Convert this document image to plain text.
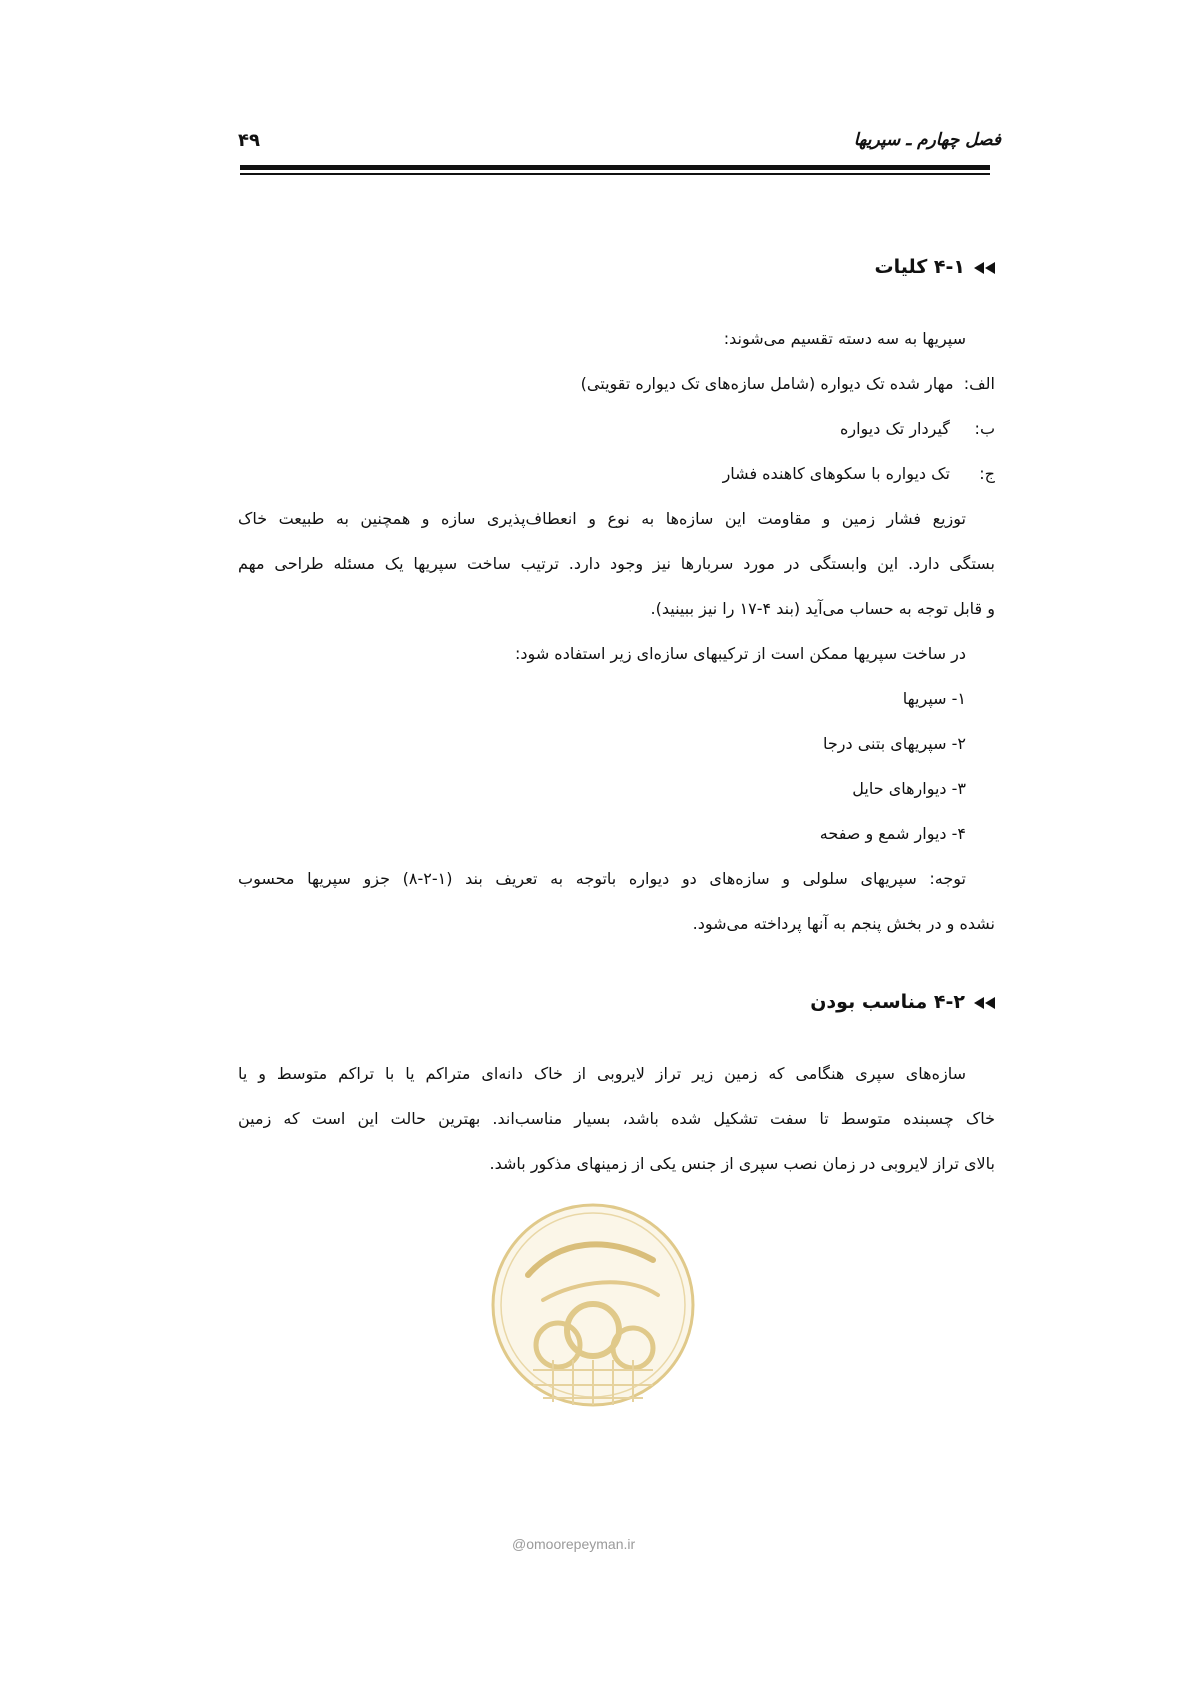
فصل چهارم ـ سپریها
۴۹
۴-۱ کلیات
سپریها به سه دسته تقسیم می‌شوند:
الف:  مهار شده تک دیواره (شامل سازه‌های تک دیواره تقویتی)
ب: گیردار تک دیواره
ج: تک دیواره با سکوهای کاهنده فشار
توزیع فشار زمین و مقاومت این سازه‌ها به نوع و انعطاف‌پذیری سازه و همچنین به طبیعت خاک
بستگی دارد. این وابستگی در مورد سربارها نیز وجود دارد. ترتیب ساخت سپریها یک مسئله طراحی مهم
و قابل توجه به حساب می‌آید (بند ۴-۱۷ را نیز ببینید).
در ساخت سپریها ممکن است از ترکیبهای سازه‌ای زیر استفاده شود:
۱- سپریها
۲- سپریهای بتنی درجا
۳- دیوارهای حایل
۴- دیوار شمع و صفحه
توجه: سپریهای سلولی و سازه‌های دو دیواره باتوجه به تعریف بند (۱-۲-۸) جزو سپریها محسوب
نشده و در بخش پنجم به آنها پرداخته می‌شود.
۴-۲ مناسب بودن
سازه‌های سپری هنگامی که زمین زیر تراز لایروبی از خاک دانه‌ای متراکم یا با تراکم متوسط و یا
خاک چسبنده متوسط تا سفت تشکیل شده باشد، بسیار مناسب‌اند. بهترین حالت این است که زمین
بالای تراز لایروبی در زمان نصب سپری از جنس یکی از زمینهای مذکور باشد.
@omoorepeyman.ir
